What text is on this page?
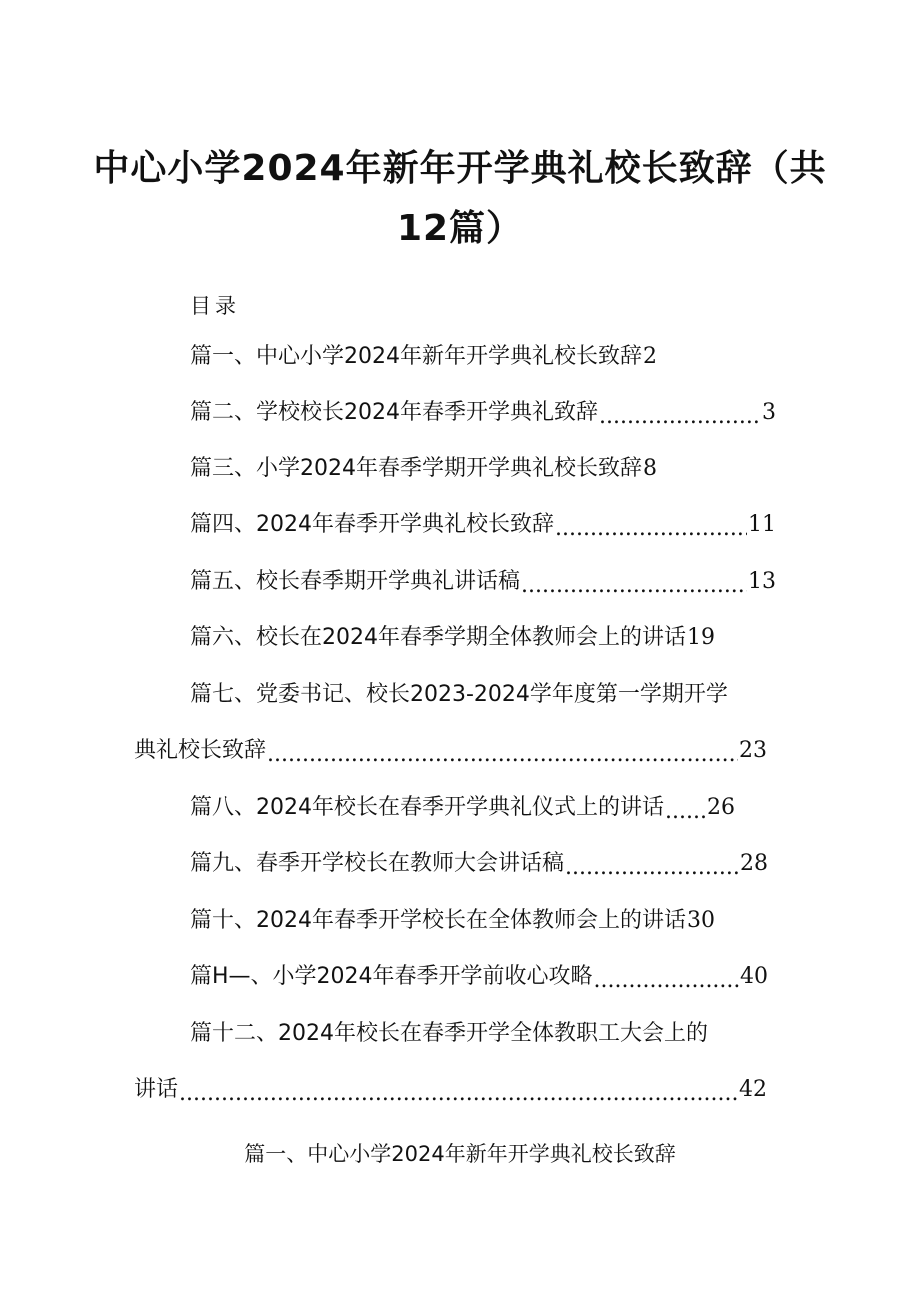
中心小学2024年新年开学典礼校长致辞（共
12篇）
目录
篇一、中心小学2024年新年开学典礼校长致辞 2
篇二、学校校长2024年春季开学典礼致辞 .....	3
篇三、小学2024年春季学期开学典礼校长致辞 8
篇四、2024年春季开学典礼校长致辞 .....	11
篇五、校长春季期开学典礼讲话稿 .....	13
篇六、校长在2024年春季学期全体教师会上的讲话 19
篇七、党委书记、校长2023-2024学年度第一学期开学
典礼校长致辞 .....	23
篇八、2024年校长在春季开学典礼仪式上的讲话 ..... 26
篇九、春季开学校长在教师大会讲话稿 .....	28
篇十、2024年春季开学校长在全体教师会上的讲话 30
篇H—、小学2024年春季开学前收心攻略 .....	40
篇十二、2024年校长在春季开学全体教职工大会上的
讲话 .....	42
篇一、中心小学2024年新年开学典礼校长致辞
